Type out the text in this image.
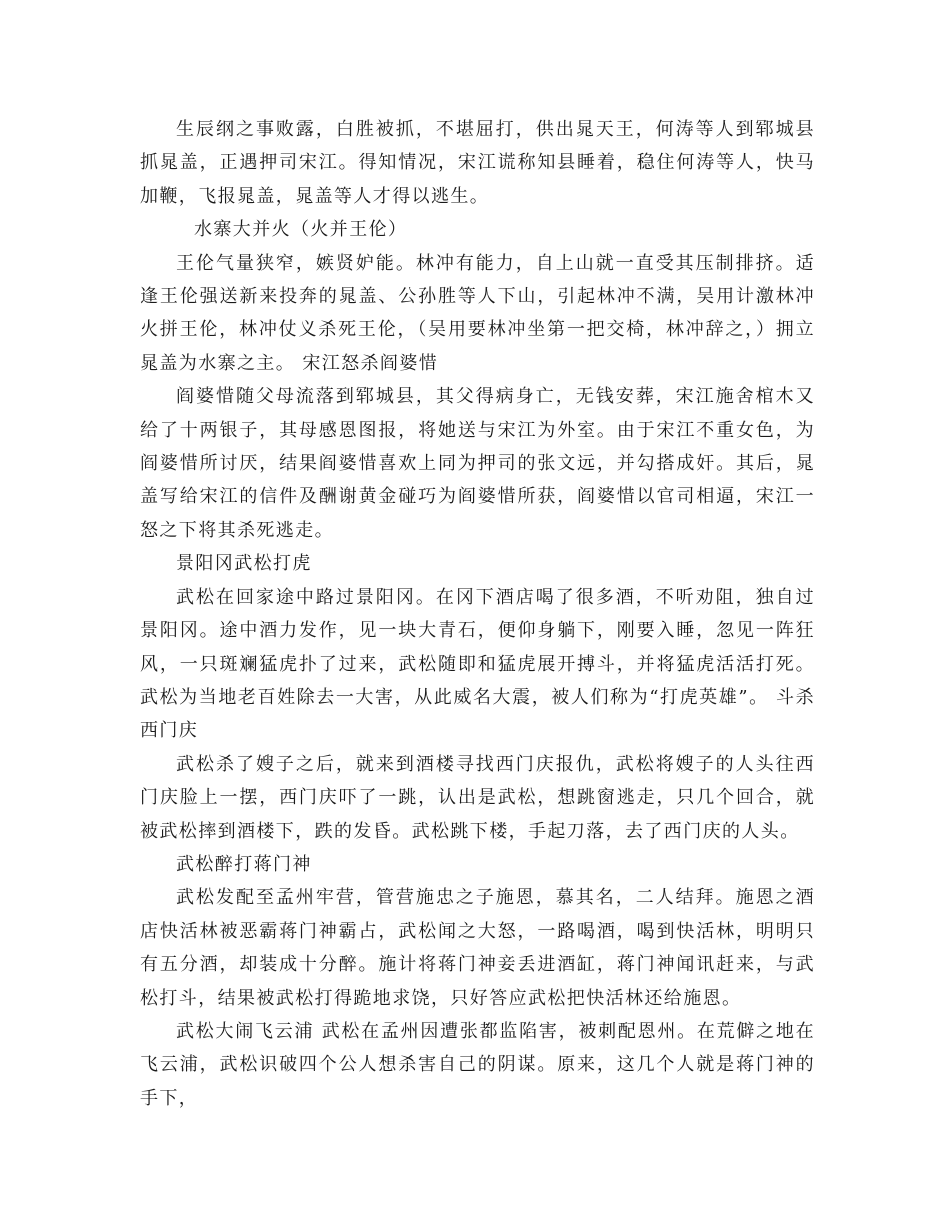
生辰纲之事败露，白胜被抓，不堪屈打，供出晁天王，何涛等人到郓城县抓晁盖，正遇押司宋江。得知情况，宋江谎称知县睡着，稳住何涛等人，快马加鞭，飞报晁盖，晁盖等人才得以逃生。

水寨大并火（火并王伦）

王伦气量狭窄，嫉贤妒能。林冲有能力，自上山就一直受其压制排挤。适逢王伦强送新来投奔的晁盖、公孙胜等人下山，引起林冲不满，吴用计激林冲火拼王伦，林冲仗义杀死王伦，（吴用要林冲坐第一把交椅，林冲辞之，）拥立晁盖为水寨之主。 宋江怒杀阎婆惜

阎婆惜随父母流落到郓城县，其父得病身亡，无钱安葬，宋江施舍棺木又给了十两银子，其母感恩图报，将她送与宋江为外室。由于宋江不重女色，为阎婆惜所讨厌，结果阎婆惜喜欢上同为押司的张文远，并勾搭成奸。其后，晁盖写给宋江的信件及酬谢黄金碰巧为阎婆惜所获，阎婆惜以官司相逼，宋江一怒之下将其杀死逃走。

景阳冈武松打虎

武松在回家途中路过景阳冈。在冈下酒店喝了很多酒，不听劝阻，独自过景阳冈。途中酒力发作，见一块大青石，便仰身躺下，刚要入睡，忽见一阵狂风，一只斑斓猛虎扑了过来，武松随即和猛虎展开搏斗，并将猛虎活活打死。武松为当地老百姓除去一大害，从此威名大震，被人们称为“打虎英雄”。 斗杀西门庆

武松杀了嫂子之后，就来到酒楼寻找西门庆报仇，武松将嫂子的人头往西门庆脸上一摆，西门庆吓了一跳，认出是武松，想跳窗逃走，只几个回合，就被武松摔到酒楼下，跌的发昏。武松跳下楼，手起刀落，去了西门庆的人头。

武松醉打蒋门神

武松发配至孟州牢营，管营施忠之子施恩，慕其名，二人结拜。施恩之酒店快活林被恶霸蒋门神霸占，武松闻之大怒，一路喝酒，喝到快活林，明明只有五分酒，却装成十分醉。施计将蒋门神妾丢进酒缸，蒋门神闻讯赶来，与武松打斗，结果被武松打得跪地求饶，只好答应武松把快活林还给施恩。

武松大闹飞云浦 武松在孟州因遭张都监陷害，被刺配恩州。在荒僻之地在飞云浦，武松识破四个公人想杀害自己的阴谋。原来，这几个人就是蒋门神的手下，
